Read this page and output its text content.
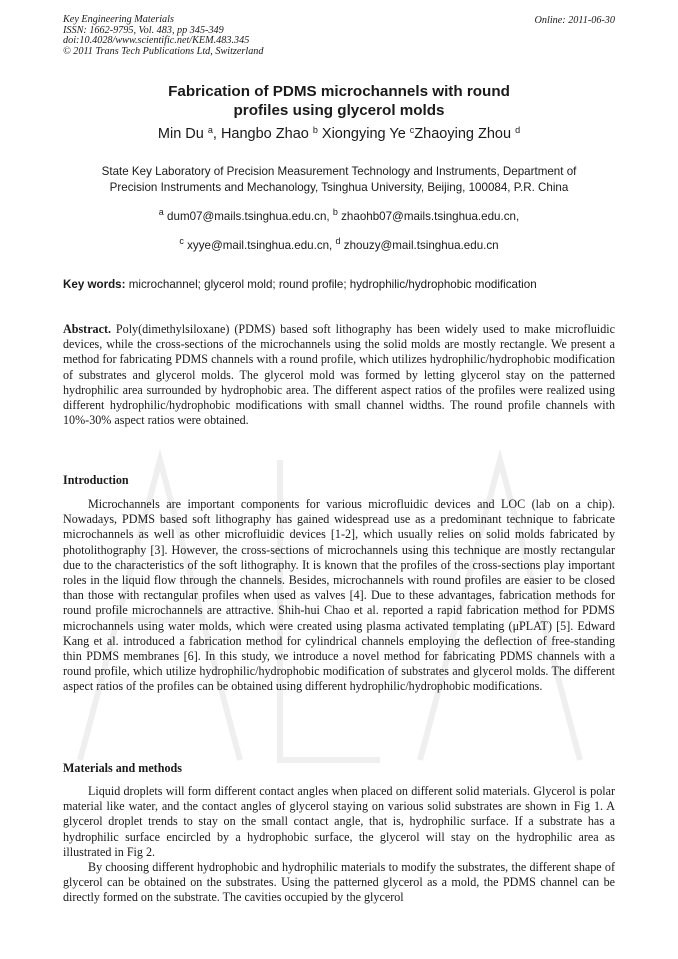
Key Engineering Materials
ISSN: 1662-9795, Vol. 483, pp 345-349
doi:10.4028/www.scientific.net/KEM.483.345
© 2011 Trans Tech Publications Ltd, Switzerland
Online: 2011-06-30
Fabrication of PDMS microchannels with round
profiles using glycerol molds
Min Du $^a$, Hangbo Zhao $^b$ Xiongying Ye $^c$Zhaoying Zhou $^d$
State Key Laboratory of Precision Measurement Technology and Instruments, Department of
Precision Instruments and Mechanology, Tsinghua University, Beijing, 100084, P.R. China
$^a$ dum07@mails.tsinghua.edu.cn, $^b$ zhaohb07@mails.tsinghua.edu.cn,
$^c$ xyye@mail.tsinghua.edu.cn, $^d$ zhouzy@mail.tsinghua.edu.cn
Key words: microchannel; glycerol mold; round profile; hydrophilic/hydrophobic modification

Abstract. Poly(dimethylsiloxane) (PDMS) based soft lithography has been widely used to make microfluidic devices, while the cross-sections of the microchannels using the solid molds are mostly rectangle. We present a method for fabricating PDMS channels with a round profile, which utilizes hydrophilic/hydrophobic modification of substrates and glycerol molds. The glycerol mold was formed by letting glycerol stay on the patterned hydrophilic area surrounded by hydrophobic area. The different aspect ratios of the profiles were realized using different hydrophilic/hydrophobic modifications with small channel widths. The round profile channels with 10%-30% aspect ratios were obtained.

Introduction

Microchannels are important components for various microfluidic devices and LOC (lab on a chip). Nowadays, PDMS based soft lithography has gained widespread use as a predominant technique to fabricate microchannels as well as other microfluidic devices [1-2], which usually relies on solid molds fabricated by photolithography [3]. However, the cross-sections of microchannels using this technique are mostly rectangular due to the characteristics of the soft lithography. It is known that the profiles of the cross-sections play important roles in the liquid flow through the channels. Besides, microchannels with round profiles are easier to be closed than those with rectangular profiles when used as valves [4]. Due to these advantages, fabrication methods for round profile microchannels are attractive. Shih-hui Chao et al. reported a rapid fabrication method for PDMS microchannels using water molds, which were created using plasma activated templating (μPLAT) [5]. Edward Kang et al. introduced a fabrication method for cylindrical channels employing the deflection of free-standing thin PDMS membranes [6]. In this study, we introduce a novel method for fabricating PDMS channels with a round profile, which utilize hydrophilic/hydrophobic modification of substrates and glycerol molds. The different aspect ratios of the profiles can be obtained using different hydrophilic/hydrophobic modifications.

Materials and methods

Liquid droplets will form different contact angles when placed on different solid materials. Glycerol is polar material like water, and the contact angles of glycerol staying on various solid substrates are shown in Fig 1. A glycerol droplet trends to stay on the small contact angle, that is, hydrophilic surface. If a substrate has a hydrophilic surface encircled by a hydrophobic surface, the glycerol will stay on the hydrophilic area as illustrated in Fig 2.

By choosing different hydrophobic and hydrophilic materials to modify the substrates, the different shape of glycerol can be obtained on the substrates. Using the patterned glycerol as a mold, the PDMS channel can be directly formed on the substrate. The cavities occupied by the glycerol
